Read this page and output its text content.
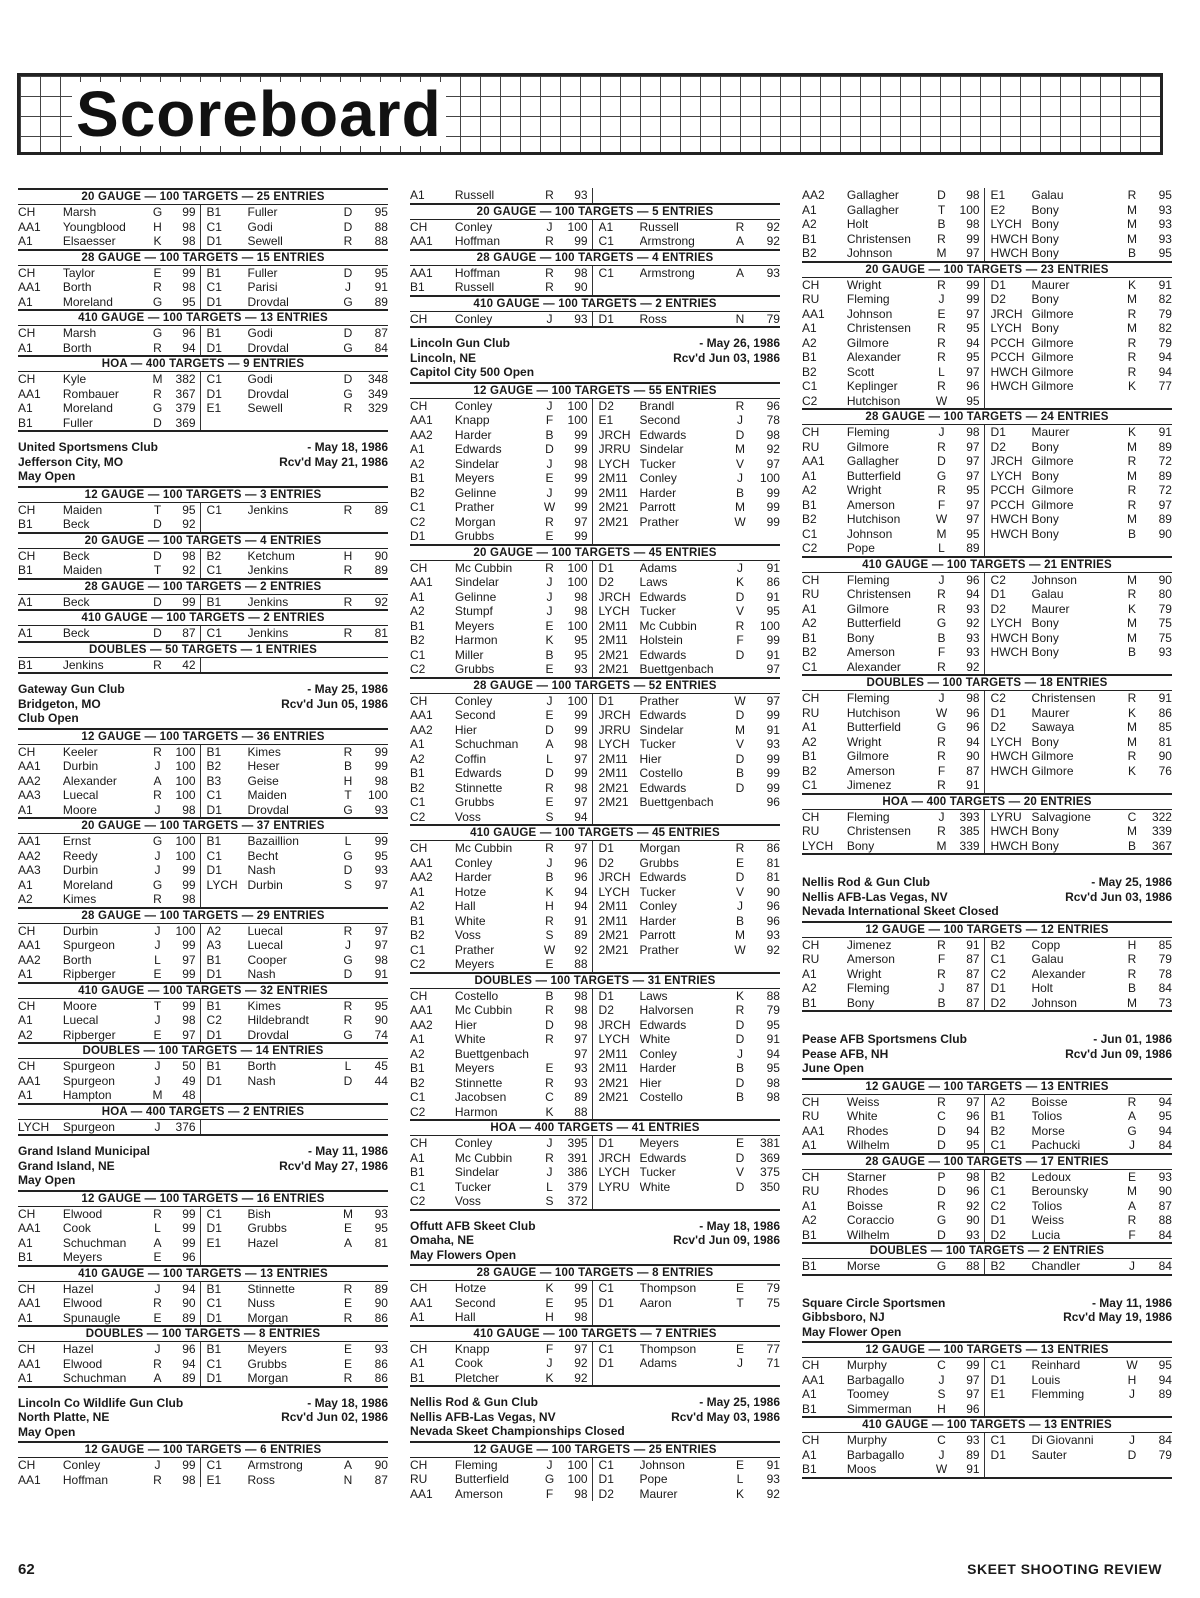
Scoreboard
20 GAUGE — 100 TARGETS — 25 ENTRIES
CH	Marsh	G	99 B1	Fuller	D	95
AA1	Youngblood	H	98 C1	Godi	D	88
A1	Elsaesser	K	98 D1	Sewell	R	88
28 GAUGE — 100 TARGETS — 15 ENTRIES
CH	Taylor	E	99 B1	Fuller	D	95
AA1	Borth	R	98 C1	Parisi	J	91
A1	Moreland	G	95 D1	Drovdal	G	89
410 GAUGE — 100 TARGETS — 13 ENTRIES
CH	Marsh	G	96 B1	Godi	D	87
A1	Borth	R	94 D1	Drovdal	G	84
HOA — 400 TARGETS — 9 ENTRIES
CH	Kyle	M	382 C1	Godi	D	348
AA1	Rombauer	R	367 D1	Drovdal	G	349
A1	Moreland	G	379 E1	Sewell	R	329
B1	Fuller	D	369
United Sportsmens Club	- May 18, 1986
Jefferson City, MO	Rcv'd May 21, 1986
May Open
12 GAUGE — 100 TARGETS — 3 ENTRIES
CH	Maiden	T	95 C1	Jenkins	R	89
B1	Beck	D	92
20 GAUGE — 100 TARGETS — 4 ENTRIES
CH	Beck	D	98 B2	Ketchum	H	90
B1	Maiden	T	92 C1	Jenkins	R	89
28 GAUGE — 100 TARGETS — 2 ENTRIES
A1	Beck	D	99 B1	Jenkins	R	92
410 GAUGE — 100 TARGETS — 2 ENTRIES
A1	Beck	D	87 C1	Jenkins	R	81
DOUBLES — 50 TARGETS — 1 ENTRIES
B1	Jenkins	R	42
Gateway Gun Club	- May 25, 1986
Bridgeton, MO	Rcv'd Jun 05, 1986
Club Open
12 GAUGE — 100 TARGETS — 36 ENTRIES
CH	Keeler	R	100 B1	Kimes	R	99
AA1	Durbin	J	100 B2	Heser	B	99
AA2	Alexander	A	100 B3	Geise	H	98
AA3	Luecal	R	100 C1	Maiden	T	100
A1	Moore	J	98 D1	Drovdal	G	93
20 GAUGE — 100 TARGETS — 37 ENTRIES
AA1	Ernst	G	100 B1	Bazaillion	L	99
AA2	Reedy	J	100 C1	Becht	G	95
AA3	Durbin	J	99 D1	Nash	D	93
A1	Moreland	G	99 LYCH Durbin	S	97
A2	Kimes	R	98
28 GAUGE — 100 TARGETS — 29 ENTRIES
CH	Durbin	J	100 A2	Luecal	R	97
AA1	Spurgeon	J	99 A3	Luecal	J	97
AA2	Borth	L	97 B1	Cooper	G	98
A1	Ripberger	E	99 D1	Nash	D	91
410 GAUGE — 100 TARGETS — 32 ENTRIES
CH	Moore	T	99 B1	Kimes	R	95
A1	Luecal	J	98 C2	Hildebrandt	R	90
A2	Ripberger	E	97 D1	Drovdal	G	74
DOUBLES — 100 TARGETS — 14 ENTRIES
CH	Spurgeon	J	50 B1	Borth	L	45
AA1	Spurgeon	J	49 D1	Nash	D	44
A1	Hampton	M	48
HOA — 400 TARGETS — 2 ENTRIES
LYCH	Spurgeon	J	376
Grand Island Municipal	- May 11, 1986
Grand Island, NE	Rcv'd May 27, 1986
May Open
12 GAUGE — 100 TARGETS — 16 ENTRIES
CH	Elwood	R	99 C1	Bish	M	93
AA1	Cook	L	99 D1	Grubbs	E	95
A1	Schuchman	A	99 E1	Hazel	A	81
B1	Meyers	E	96
410 GAUGE — 100 TARGETS — 13 ENTRIES
CH	Hazel	J	94 B1	Stinnette	R	89
AA1	Elwood	R	90 C1	Nuss	E	90
A1	Spunaugle	E	89 D1	Morgan	R	86
DOUBLES — 100 TARGETS — 8 ENTRIES
CH	Hazel	J	96 B1	Meyers	E	93
AA1	Elwood	R	94 C1	Grubbs	E	86
A1	Schuchman	A	89 D1	Morgan	R	86
Lincoln Co Wildlife Gun Club	- May 18, 1986
North Platte, NE	Rcv'd Jun 02, 1986
May Open
12 GAUGE — 100 TARGETS — 6 ENTRIES
CH	Conley	J	99 C1	Armstrong	A	90
AA1	Hoffman	R	98 E1	Ross	N	87
A1	Russell	R	93
20 GAUGE — 100 TARGETS — 5 ENTRIES
CH	Conley	J	100 A1	Russell	R	92
AA1	Hoffman	R	99 C1	Armstrong	A	92
28 GAUGE — 100 TARGETS — 4 ENTRIES
AA1	Hoffman	R	98 C1	Armstrong	A	93
B1	Russell	R	90
410 GAUGE — 100 TARGETS — 2 ENTRIES
CH	Conley	J	93 D1	Ross	N	79
Lincoln Gun Club	- May 26, 1986
Lincoln, NE	Rcv'd Jun 03, 1986
Capitol City 500 Open
12 GAUGE — 100 TARGETS — 55 ENTRIES
CH	Conley	J	100 D2	Brandl	R	96
AA1	Knapp	F	100 E1	Second	J	78
AA2	Harder	B	99 JRCH Edwards	D	98
A1	Edwards	D	99 JRRU Sindelar	M	92
A2	Sindelar	J	98 LYCH Tucker	V	97
B1	Meyers	E	99 2M11 Conley	J	100
B2	Gelinne	J	99 2M11 Harder	B	99
C1	Prather	W	99 2M21 Parrott	M	99
C2	Morgan	R	97 2M21 Prather	W	99
D1	Grubbs	E	99
20 GAUGE — 100 TARGETS — 45 ENTRIES
CH	Mc Cubbin	R	100 D1	Adams	J	91
AA1	Sindelar	J	100 D2	Laws	K	86
A1	Gelinne	J	98 JRCH Edwards	D	91
A2	Stumpf	J	98 LYCH Tucker	V	95
B1	Meyers	E	100 2M11 Mc Cubbin	R	100
B2	Harmon	K	95 2M11 Holstein	F	99
C1	Miller	B	95 2M21 Edwards	D	91
C2	Grubbs	E	93 2M21 Buettgenbach	97
28 GAUGE — 100 TARGETS — 52 ENTRIES
CH	Conley	J	100 D1	Prather	W	97
AA1	Second	E	99 JRCH Edwards	D	99
AA2	Hier	D	99 JRRU Sindelar	M	91
A1	Schuchman	A	98 LYCH Tucker	V	93
A2	Coffin	L	97 2M11 Hier	D	99
B1	Edwards	D	99 2M11 Costello	B	99
B2	Stinnette	R	98 2M21 Edwards	D	99
C1	Grubbs	E	97 2M21 Buettgenbach	96
C2	Voss	S	94
410 GAUGE — 100 TARGETS — 45 ENTRIES
CH	Mc Cubbin	R	97 D1	Morgan	R	86
AA1	Conley	J	96 D2	Grubbs	E	81
AA2	Harder	B	96 JRCH Edwards	D	81
A1	Hotze	K	94 LYCH Tucker	V	90
A2	Hall	H	94 2M11 Conley	J	96
B1	White	R	91 2M11 Harder	B	96
B2	Voss	S	89 2M21 Parrott	M	93
C1	Prather	W	92 2M21 Prather	W	92
C2	Meyers	E	88
DOUBLES — 100 TARGETS — 31 ENTRIES
CH	Costello	B	98 D1	Laws	K	88
AA1	Mc Cubbin	R	98 D2	Halvorsen	R	79
AA2	Hier	D	98 JRCH Edwards	D	95
A1	White	R	97 LYCH White	D	91
A2	Buettgenbach	97 2M11 Conley	J	94
B1	Meyers	E	93 2M11 Harder	B	95
B2	Stinnette	R	93 2M21 Hier	D	98
C1	Jacobsen	C	89 2M21 Costello	B	98
C2	Harmon	K	88
HOA — 400 TARGETS — 41 ENTRIES
CH	Conley	J	395 D1	Meyers	E	381
A1	Mc Cubbin	R	391 JRCH Edwards	D	369
B1	Sindelar	J	386 LYCH Tucker	V	375
C1	Tucker	L	379 LYRU White	D	350
C2	Voss	S	372
Offutt AFB Skeet Club	- May 18, 1986
Omaha, NE	Rcv'd Jun 09, 1986
May Flowers Open
28 GAUGE — 100 TARGETS — 8 ENTRIES
CH	Hotze	K	99 C1	Thompson	E	79
AA1	Second	E	95 D1	Aaron	T	75
A1	Hall	H	98
410 GAUGE — 100 TARGETS — 7 ENTRIES
CH	Knapp	F	97 C1	Thompson	E	77
A1	Cook	J	92 D1	Adams	J	71
B1	Pletcher	K	92
Nellis Rod & Gun Club	- May 25, 1986
Nellis AFB-Las Vegas, NV	Rcv'd May 03, 1986
Nevada Skeet Championships Closed
12 GAUGE — 100 TARGETS — 25 ENTRIES
CH	Fleming	J	100 C1	Johnson	E	91
RU	Butterfield	G	100 D1	Pope	L	93
AA1	Amerson	F	98 D2	Maurer	K	92
AA2	Gallagher	D	98 E1	Galau	R	95
A1	Gallagher	T	100 E2	Bony	M	93
A2	Holt	B	98 LYCH Bony	M	93
B1	Christensen	R	99 HWCH Bony	M	93
B2	Johnson	M	97 HWCH Bony	B	95
20 GAUGE — 100 TARGETS — 23 ENTRIES
CH	Wright	R	99 D1	Maurer	K	91
RU	Fleming	J	99 D2	Bony	M	82
AA1	Johnson	E	97 JRCH Gilmore	R	79
A1	Christensen	R	95 LYCH Bony	M	82
A2	Gilmore	R	94 PCCH Gilmore	R	79
B1	Alexander	R	95 PCCH Gilmore	R	94
B2	Scott	L	97 HWCH Gilmore	R	94
C1	Keplinger	R	96 HWCH Gilmore	K	77
C2	Hutchison	W	95
28 GAUGE — 100 TARGETS — 24 ENTRIES
CH	Fleming	J	98 D1	Maurer	K	91
RU	Gilmore	R	97 D2	Bony	M	89
AA1	Gallagher	D	97 JRCH Gilmore	R	72
A1	Butterfield	G	97 LYCH Bony	M	89
A2	Wright	R	95 PCCH Gilmore	R	72
B1	Amerson	F	97 PCCH Gilmore	R	97
B2	Hutchison	W	97 HWCH Bony	M	89
C1	Johnson	M	95 HWCH Bony	B	90
C2	Pope	L	89
410 GAUGE — 100 TARGETS — 21 ENTRIES
CH	Fleming	J	96 C2	Johnson	M	90
RU	Christensen	R	94 D1	Galau	R	80
A1	Gilmore	R	93 D2	Maurer	K	79
A2	Butterfield	G	92 LYCH Bony	M	75
B1	Bony	B	93 HWCH Bony	M	75
B2	Amerson	F	93 HWCH Bony	B	93
C1	Alexander	R	92
DOUBLES — 100 TARGETS — 18 ENTRIES
CH	Fleming	J	98 C2	Christensen	R	91
RU	Hutchison	W	96 D1	Maurer	K	86
A1	Butterfield	G	96 D2	Sawaya	M	85
A2	Wright	R	94 LYCH Bony	M	81
B1	Gilmore	R	90 HWCH Gilmore	R	90
B2	Amerson	F	87 HWCH Gilmore	K	76
C1	Jimenez	R	91
HOA — 400 TARGETS — 20 ENTRIES
CH	Fleming	J	393 LYRU Salvagione	C	322
RU	Christensen	R	385 HWCH Bony	M	339
LYCH	Bony	M	339 HWCH Bony	B	367
Nellis Rod & Gun Club	- May 25, 1986
Nellis AFB-Las Vegas, NV	Rcv'd Jun 03, 1986
Nevada International Skeet Closed
12 GAUGE — 100 TARGETS — 12 ENTRIES
CH	Jimenez	R	91 B2	Copp	H	85
RU	Amerson	F	87 C1	Galau	R	79
A1	Wright	R	87 C2	Alexander	R	78
A2	Fleming	J	87 D1	Holt	B	84
B1	Bony	B	87 D2	Johnson	M	73
Pease AFB Sportsmens Club	- Jun 01, 1986
Pease AFB, NH	Rcv'd Jun 09, 1986
June Open
12 GAUGE — 100 TARGETS — 13 ENTRIES
CH	Weiss	R	97 A2	Boisse	R	94
RU	White	C	96 B1	Tolios	A	95
AA1	Rhodes	D	94 B2	Morse	G	94
A1	Wilhelm	D	95 C1	Pachucki	J	84
28 GAUGE — 100 TARGETS — 17 ENTRIES
CH	Starner	P	98 B2	Ledoux	E	93
RU	Rhodes	D	96 C1	Berounsky	M	90
A1	Boisse	R	92 C2	Tolios	A	87
A2	Coraccio	G	90 D1	Weiss	R	88
B1	Wilhelm	D	93 D2	Lucia	F	84
DOUBLES — 100 TARGETS — 2 ENTRIES
B1	Morse	G	88 B2	Chandler	J	84
Square Circle Sportsmen	- May 11, 1986
Gibbsboro, NJ	Rcv'd May 19, 1986
May Flower Open
12 GAUGE — 100 TARGETS — 13 ENTRIES
CH	Murphy	C	99 C1	Reinhard	W	95
AA1	Barbagallo	J	97 D1	Louis	H	94
A1	Toomey	S	97 E1	Flemming	J	89
B1	Simmerman	H	96
410 GAUGE — 100 TARGETS — 13 ENTRIES
CH	Murphy	C	93 C1	Di Giovanni	J	84
A1	Barbagallo	J	89 D1	Sauter	D	79
B1	Moos	W	91
62	SKEET SHOOTING REVIEW
